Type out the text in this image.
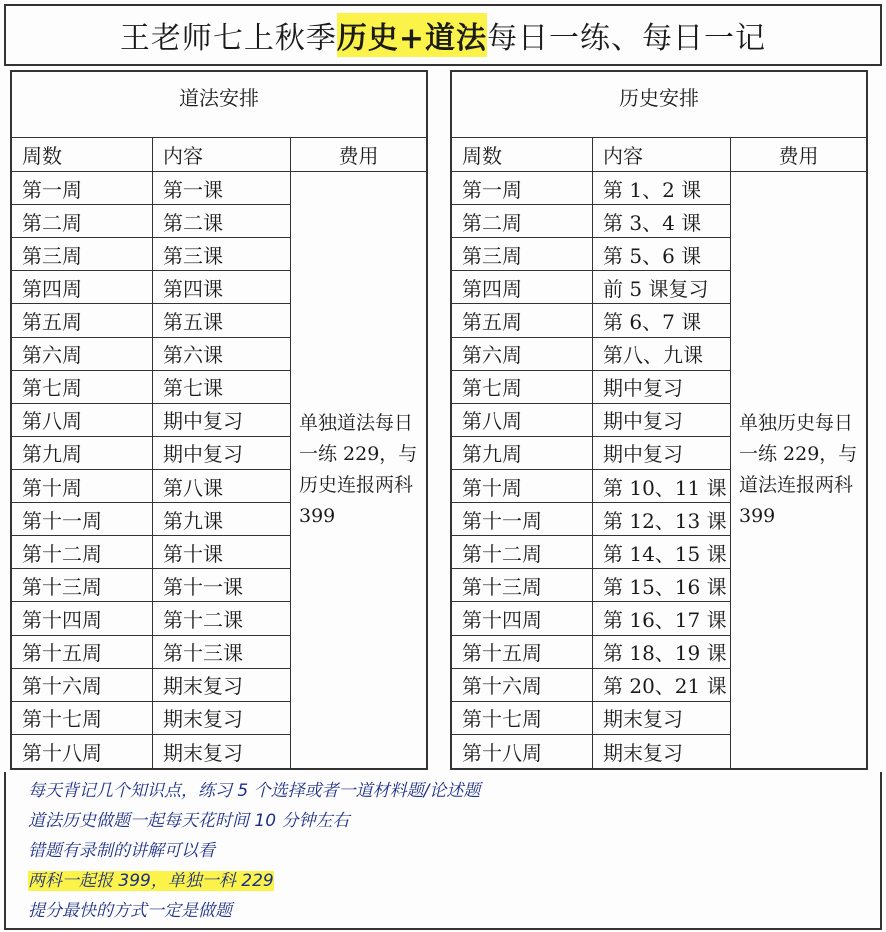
王老师七上秋季 历史+道法 每日一练、每日一记
道法安排
周数	内容	费用
单独道法每日一练 229，与历史连报两科 399
第一周	第一课
第二周	第二课
第三周	第三课
第四周	第四课
第五周	第五课
第六周	第六课
第七周	第七课
第八周	期中复习
第九周	期中复习
第十周	第八课
第十一周	第九课
第十二周	第十课
第十三周	第十一课
第十四周	第十二课
第十五周	第十三课
第十六周	期末复习
第十七周	期末复习
第十八周	期末复习
历史安排
周数	内容	费用
单独历史每日一练 229，与道法连报两科 399
第一周	第 1、2 课
第二周	第 3、4 课
第三周	第 5、6 课
第四周	前 5 课复习
第五周	第 6、7 课
第六周	第八、九课
第七周	期中复习
第八周	期中复习
第九周	期中复习
第十周	第 10、11 课
第十一周	第 12、13 课
第十二周	第 14、15 课
第十三周	第 15、16 课
第十四周	第 16、17 课
第十五周	第 18、19 课
第十六周	第 20、21 课
第十七周	期末复习
第十八周	期末复习
每天背记几个知识点，练习 5 个选择或者一道材料题/论述题
道法历史做题一起每天花时间 10 分钟左右
错题有录制的讲解可以看
两科一起报 399，单独一科 229
提分最快的方式一定是做题
